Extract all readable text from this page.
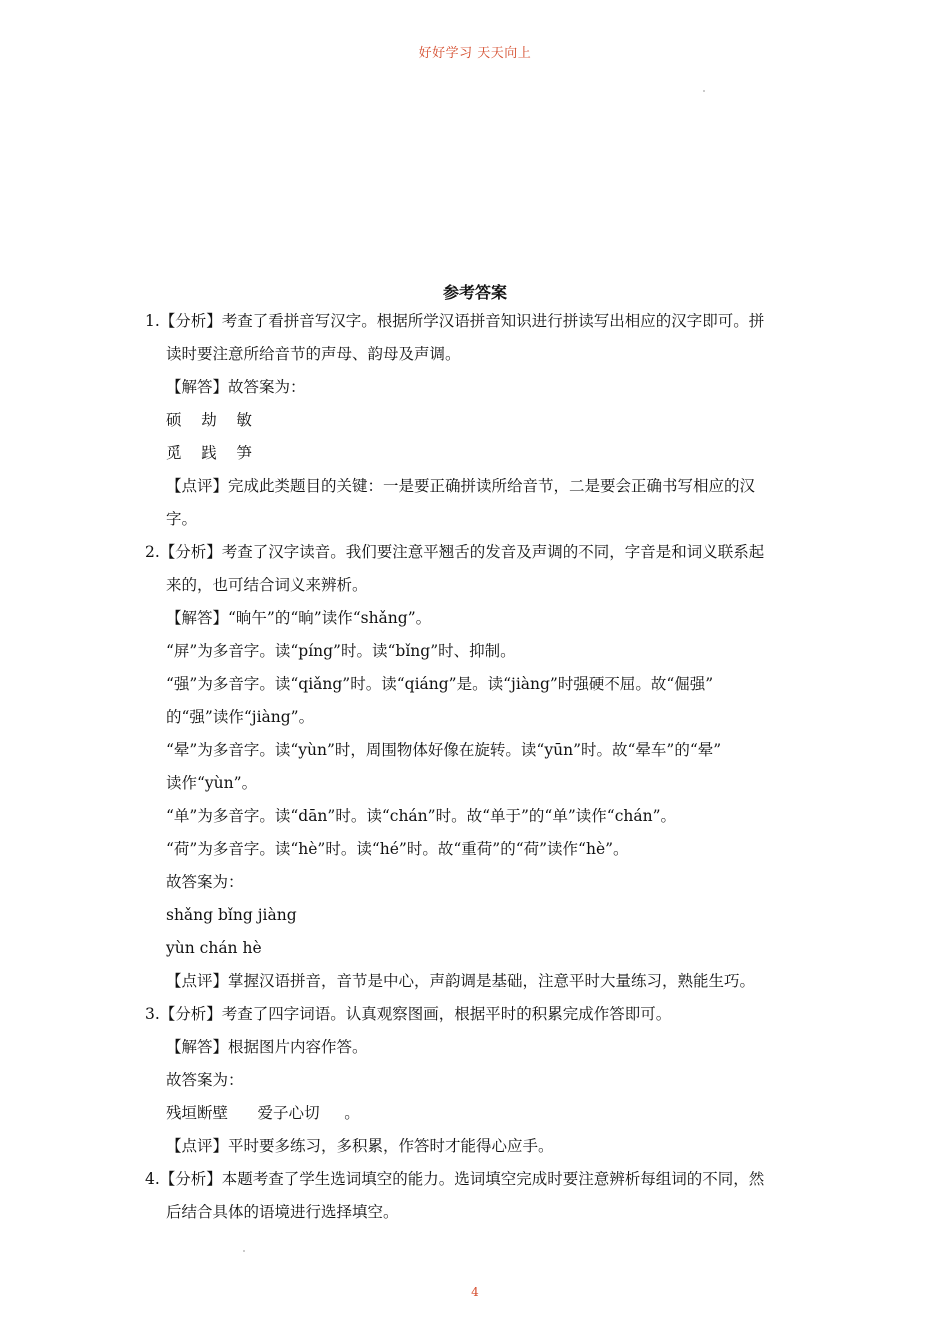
好好学习 天天向上
参考答案
1.【分析】考查了看拼音写汉字。根据所学汉语拼音知识进行拼读写出相应的汉字即可。拼
读时要注意所给音节的声母、韵母及声调。
【解答】故答案为：
硕    劫    敏
觅    践    笋
【点评】完成此类题目的关键：一是要正确拼读所给音节，二是要会正确书写相应的汉
字。
2.【分析】考查了汉字读音。我们要注意平翘舌的发音及声调的不同，字音是和词义联系起
来的，也可结合词义来辨析。
【解答】“晌午”的“晌”读作“shǎng”。
“屏”为多音字。读“píng”时。读“bǐng”时、抑制。
“强”为多音字。读“qiǎng”时。读“qiáng”是。读“jiàng”时强硬不屈。故“倔强”
的“强”读作“jiàng”。
“晕”为多音字。读“yùn”时，周围物体好像在旋转。读“yūn”时。故“晕车”的“晕”
读作“yùn”。
“单”为多音字。读“dān”时。读“chán”时。故“单于”的“单”读作“chán”。
“荷”为多音字。读“hè”时。读“hé”时。故“重荷”的“荷”读作“hè”。
故答案为：
shǎng bǐng jiàng
yùn chán hè
【点评】掌握汉语拼音，音节是中心，声韵调是基础，注意平时大量练习，熟能生巧。
3.【分析】考查了四字词语。认真观察图画，根据平时的积累完成作答即可。
【解答】根据图片内容作答。
故答案为：
残垣断壁      爱子心切     。
【点评】平时要多练习，多积累，作答时才能得心应手。
4.【分析】本题考查了学生选词填空的能力。选词填空完成时要注意辨析每组词的不同，然
后结合具体的语境进行选择填空。
4
